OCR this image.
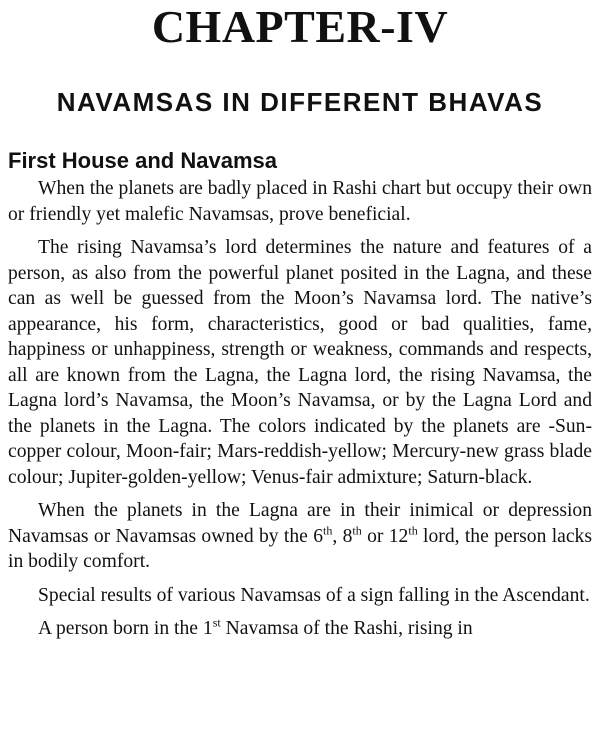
CHAPTER-IV
NAVAMSAS IN DIFFERENT BHAVAS
First House and Navamsa

When the planets are badly placed in Rashi chart but occupy their own or friendly yet malefic Navamsas, prove beneficial.

The rising Navamsa’s lord determines the nature and features of a person, as also from the powerful planet posited in the Lagna, and these can as well be guessed from the Moon’s Navamsa lord. The native’s appearance, his form, characteristics, good or bad qualities, fame, happiness or unhappiness, strength or weakness, commands and respects, all are known from the Lagna, the Lagna lord, the rising Navamsa, the Lagna lord’s Navamsa, the Moon’s Navamsa, or by the Lagna Lord and the planets in the Lagna. The colors indicated by the planets are -Sun-copper colour, Moon-fair; Mars-reddish-yellow; Mercury-new grass blade colour; Jupiter-golden-yellow; Venus-fair admixture; Saturn-black.

When the planets in the Lagna are in their inimical or depression Navamsas or Navamsas owned by the 6th, 8th or 12th lord, the person lacks in bodily comfort.

Special results of various Navamsas of a sign falling in the Ascendant.

A person born in the 1st Navamsa of the Rashi, rising in
